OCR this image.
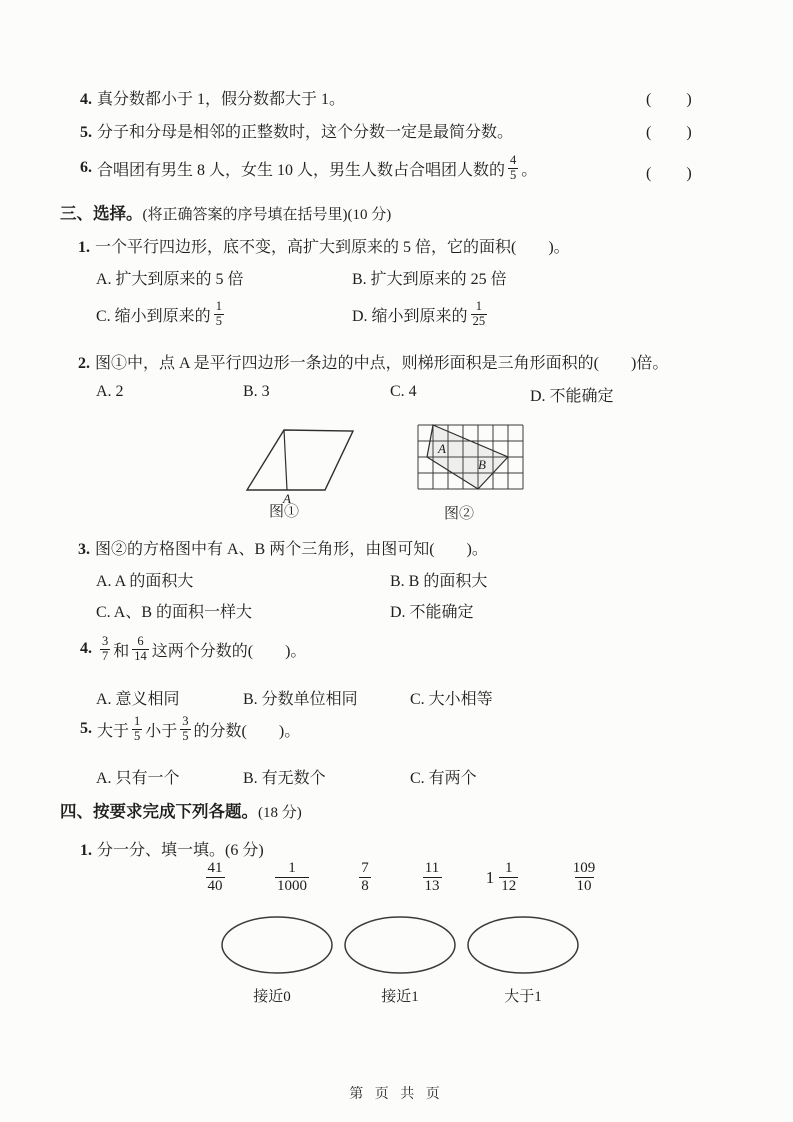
4. 真分数都小于 1，假分数都大于 1。	(　　)
5. 分子和分母是相邻的正整数时，这个分数一定是最简分数。	(　　)
6. 合唱团有男生 8 人，女生 10 人，男生人数占合唱团人数的 $\frac{4}{5}$ 。	(　　)
三、选择。(将正确答案的序号填在括号里)(10 分)
1. 一个平行四边形，底不变，高扩大到原来的 5 倍，它的面积(　　)。
A. 扩大到原来的 5 倍	B. 扩大到原来的 25 倍
C. 缩小到原来的 $\frac{1}{5}$	D. 缩小到原来的 $\frac{1}{25}$
2. 图①中，点 A 是平行四边形一条边的中点，则梯形面积是三角形面积的(　　)倍。
A. 2	B. 3	C. 4	D. 不能确定
A
图①
A
B
图②
3. 图②的方格图中有 A、B 两个三角形，由图可知(　　)。
A. A 的面积大	B. B 的面积大
C. A、B 的面积一样大	D. 不能确定
4. $\frac{3}{7}$ 和 $\frac{6}{14}$ 这两个分数的(　　)。
A. 意义相同	B. 分数单位相同	C. 大小相等
5. 大于 $\frac{1}{5}$ 小于 $\frac{3}{5}$ 的分数(　　)。
A. 只有一个	B. 有无数个	C. 有两个
四、按要求完成下列各题。(18 分)
1. 分一分、填一填。(6 分)
$\frac{41}{40}$	$\frac{1}{1000}$	$\frac{7}{8}$	$\frac{11}{13}$	$1 \frac{1}{12}$	$\frac{109}{10}$
接近0	接近1	大于1
第 页 共 页
